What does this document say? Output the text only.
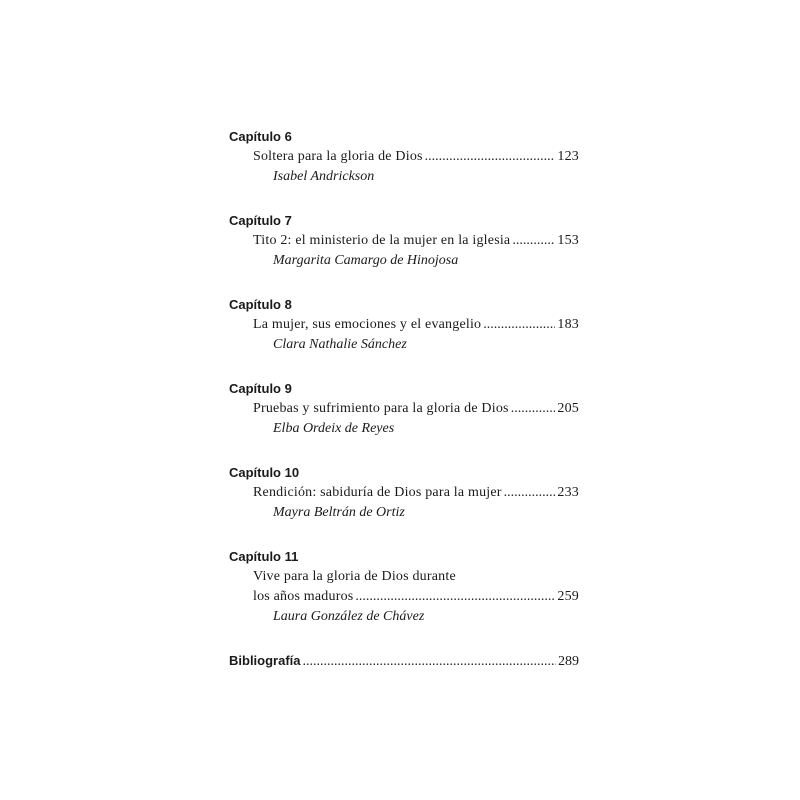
Capítulo 6
Soltera para la gloria de Dios .....	123
Isabel Andrickson
Capítulo 7
Tito 2: el ministerio de la mujer en la iglesia .....	153
Margarita Camargo de Hinojosa
Capítulo 8
La mujer, sus emociones y el evangelio .....	183
Clara Nathalie Sánchez
Capítulo 9
Pruebas y sufrimiento para la gloria de Dios .....	205
Elba Ordeix de Reyes
Capítulo 10
Rendición: sabiduría de Dios para la mujer .....	233
Mayra Beltrán de Ortiz
Capítulo 11
Vive para la gloria de Dios durante
los años maduros .....	259
Laura González de Chávez
Bibliografía .....	289
